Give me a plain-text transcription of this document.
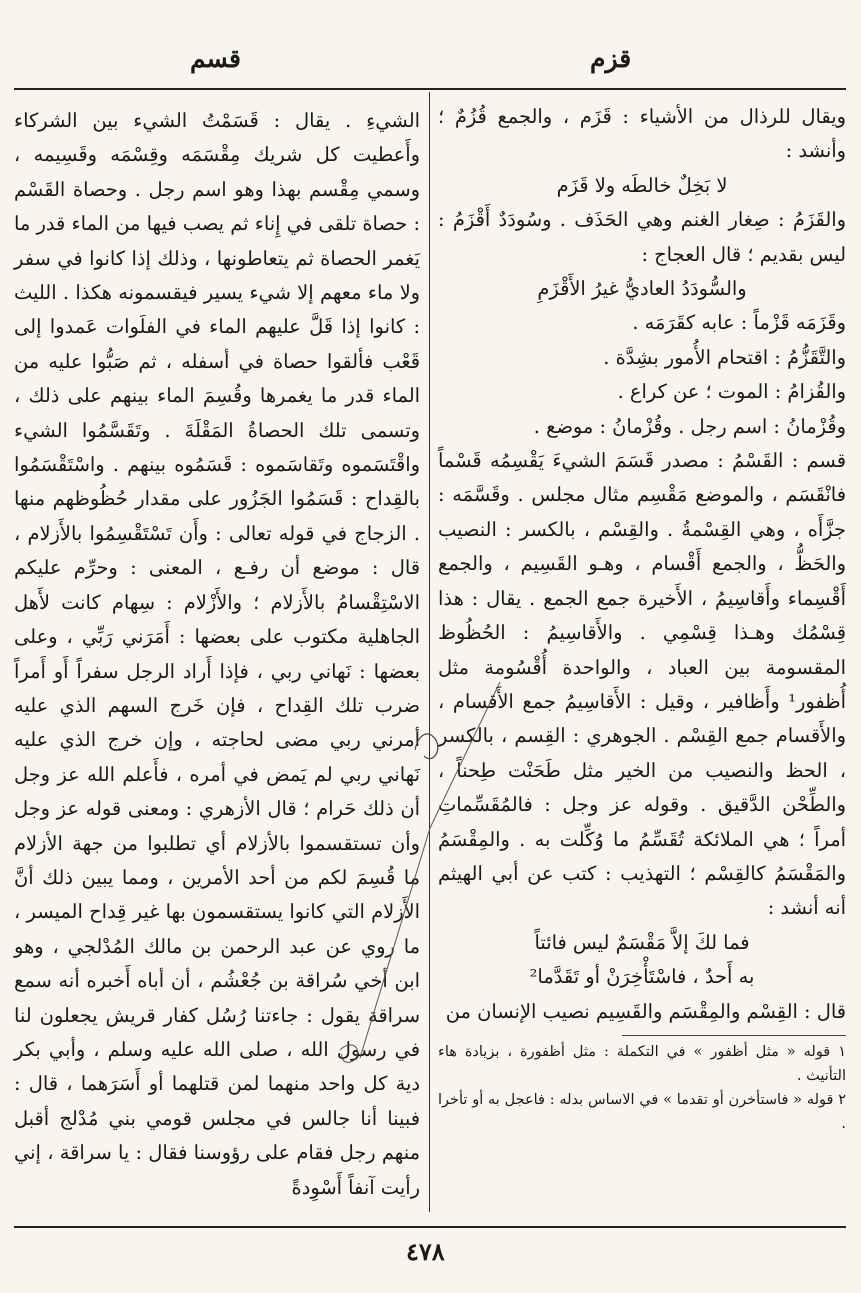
قزم
قسم

ويقال للرذال من الأشياء : قَزَم ، والجمع قُزُمٌ ؛ وأنشد :

لا بَخِلٌ خالطَه ولا قَزَم

والقَزَمُ : صِغار الغنم وهي الحَذَف . وسُودَدٌ أَقْزَمُ : ليس بقديم ؛ قال العجاج :

والسُّودَدُ العاديُّ غيرُ الأَقْزَمِ

وقَزَمَه قَزْماً : عابه كقَرَمَه .

والتَّقَزُّمُ : اقتحام الأُمور بشِدَّة .

والقُزامُ : الموت ؛ عن كراع .

وقُزْمانُ : اسم رجل . وقُزْمانُ : موضع .

قسم : القَسْمُ : مصدر قَسَمَ الشيءَ يَقْسِمُه قَسْماً فانْقَسَم ، والموضع مَقْسِم مثال مجلس . وقَسَّمَه : جزَّأَه ، وهي القِسْمةُ . والقِسْم ، بالكسر : النصيب والحَظُّ ، والجمع أَقْسام ، وهـو القَسِيم ، والجمع أَقْسِماء وأَقاسِيمُ ، الأَخيرة جمع الجمع . يقال : هذا قِسْمُك وهـذا قِسْمِي . والأَقاسِيمُ : الحُظُوظ المقسومة بين العباد ، والواحدة أُقْسُومة مثل أُظفور¹ وأَظافير ، وقيل : الأَقاسِيمُ جمع الأَقسام ، والأَقسام جمع القِسْم . الجوهري : القِسم ، بالكسر ، الحظ والنصيب من الخير مثل طَحَنْت طِحناً ، والطِّحْن الدَّقيق . وقوله عز وجل : فالمُقَسِّماتِ أمراً ؛ هي الملائكة تُقَسِّمُ ما وُكِّلت به . والمِقْسَمُ والمَقْسَمُ كالقِسْم ؛ التهذيب : كتب عن أبي الهيثم أنه أنشد :

فما لكَ إلاَّ مَقْسَمٌ ليس فائتاً

به أَحدٌ ، فاسْتَأْخِرَنْ أو تَقَدَّما²

قال : القِسْم والمِقْسَم والقَسِيم نصيب الإنسان من

١ قوله « مثل أظفور » في التكملة : مثل أظفورة ، بزيادة هاء التأنيث .

٢ قوله « فاستأخرن أو تقدما » في الاساس بدله : فاعجل به أو تأخرا .

الشيءِ . يقال : قَسَمْتُ الشيء بين الشركاء وأَعطيت كل شريك مِقْسَمَه وقِسْمَه وقَسِيمه ، وسمي مِقْسم بهذا وهو اسم رجل . وحصاة القَسْم : حصاة تلقى في إِناء ثم يصب فيها من الماء قدر ما يَغمر الحصاة ثم يتعاطونها ، وذلك إذا كانوا في سفر ولا ماء معهم إلا شيء يسير فيقسمونه هكذا . الليث : كانوا إذا قَلَّ عليهم الماء في الفلَوات عَمدوا إلى قَعْب فألقوا حصاة في أسفله ، ثم صَبُّوا عليه من الماء قدر ما يغمرها وقُسِمَ الماء بينهم على ذلك ، وتسمى تلك الحصاةُ المَقْلَةَ . وتَقَسَّمُوا الشيء واقْتَسَموه وتَقاسَموه : قَسَمُوه بينهم . واسْتَقْسَمُوا بالقِداح : قَسَمُوا الجَزُور على مقدار حُظُوظهم منها . الزجاج في قوله تعالى : وأَن تَسْتَقْسِمُوا بالأَزلام ، قال : موضع أن رفـع ، المعنى : وحرِّم عليكم الاسْتِقْسامُ بالأَزلام ؛ والأَزْلام : سِهام كانت لأَهل الجاهلية مكتوب على بعضها : أَمَرَني رَبِّي ، وعلى بعضها : نَهاني ربي ، فإذا أَراد الرجل سفراً أَو أَمراً ضرب تلك القِداح ، فإن خَرج السهم الذي عليه أمرني ربي مضى لحاجته ، وإن خرج الذي عليه نَهاني ربي لم يَمض في أمره ، فأَعلم الله عز وجل أن ذلك حَرام ؛ قال الأزهري : ومعنى قوله عز وجل وأن تستقسموا بالأزلام أي تطلبوا من جهة الأزلام ما قُسِمَ لكم من أحد الأمرين ، ومما يبين ذلك أنَّ الأَزلام التي كانوا يستقسمون بها غير قِداح الميسر ، ما روي عن عبد الرحمن بن مالك المُدْلجي ، وهو ابن أخي سُراقة بن جُعْشُم ، أن أباه أَخبره أنه سمع سراقة يقول : جاءتنا رُسُل كفار قريش يجعلون لنا في رسول الله ، صلى الله عليه وسلم ، وأبي بكر دية كل واحد منهما لمن قتلهما أو أَسَرَهما ، قال : فبينا أنا جالس في مجلس قومي بني مُدْلج أقبل منهم رجل فقام على رؤوسنا فقال : يا سراقة ، إني رأيت آنفاً أَسْوِدةً

٤٧٨
